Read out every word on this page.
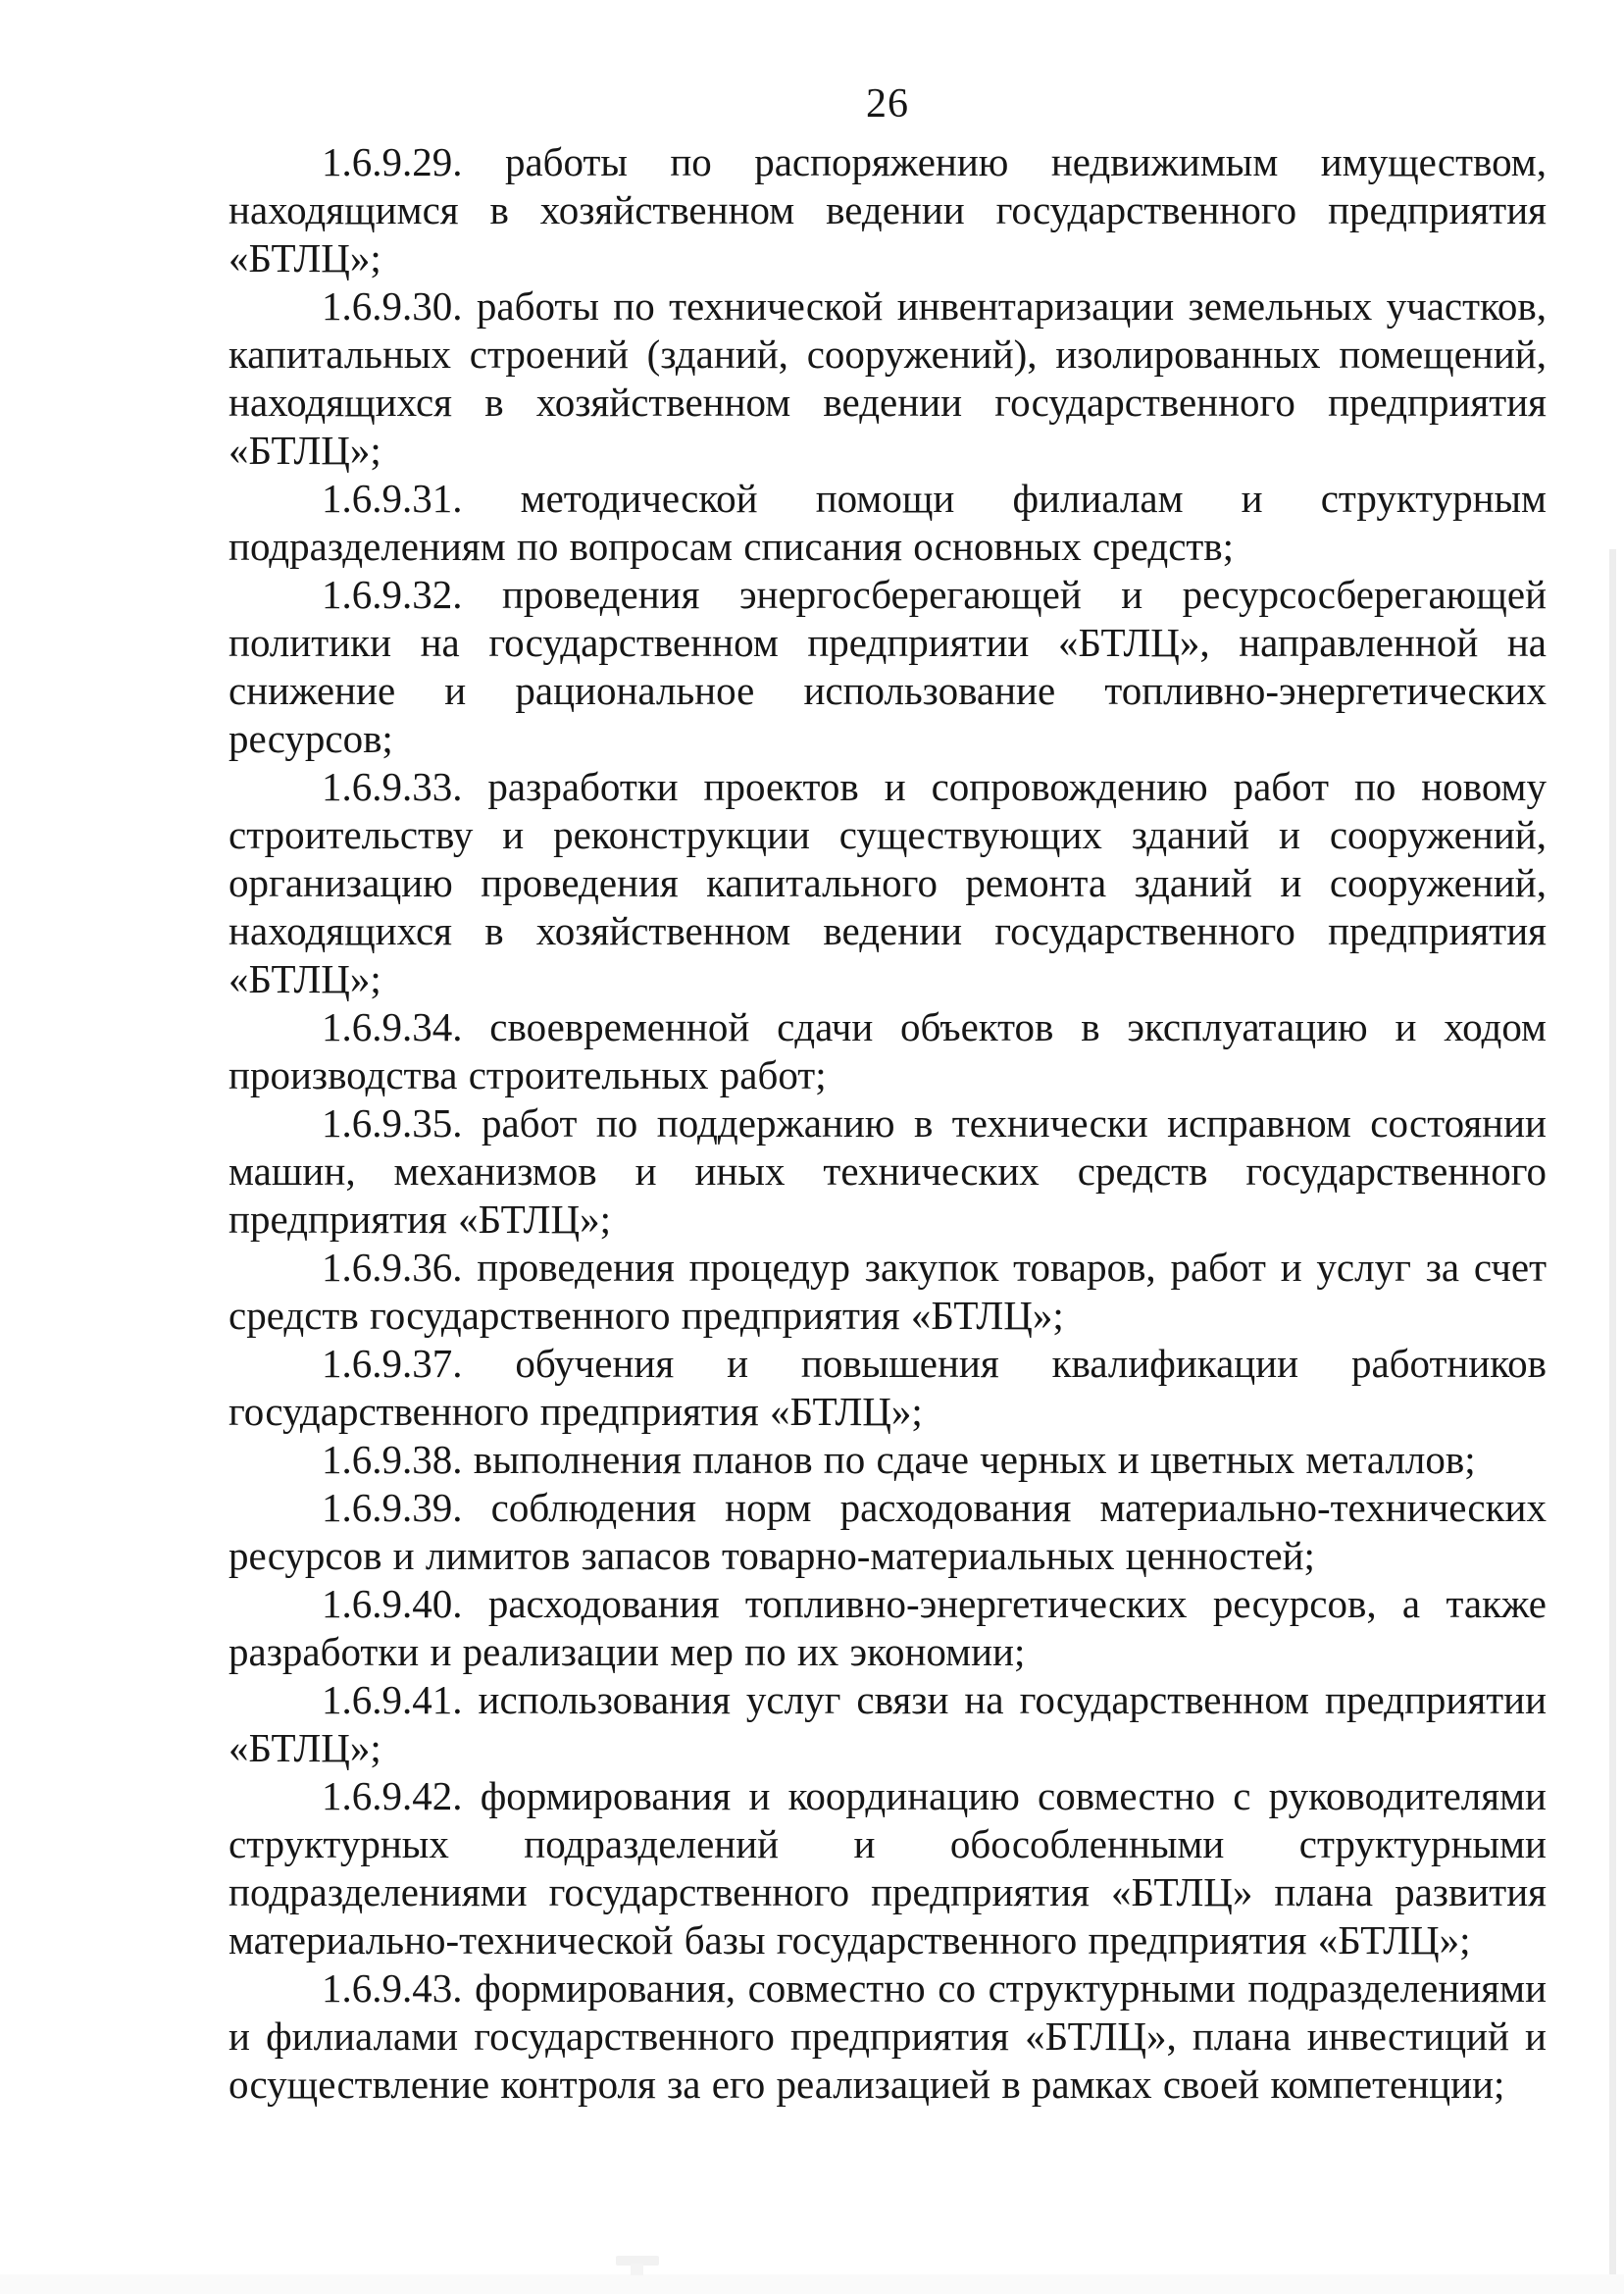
26

1.6.9.29. работы по распоряжению недвижимым имуществом, находящимся в хозяйственном ведении государственного предприятия «БТЛЦ»;

1.6.9.30. работы по технической инвентаризации земельных участков, капитальных строений (зданий, сооружений), изолированных помещений, находящихся в хозяйственном ведении государственного предприятия «БТЛЦ»;

1.6.9.31. методической помощи филиалам и структурным подразделениям по вопросам списания основных средств;

1.6.9.32. проведения энергосберегающей и ресурсосберегающей политики на государственном предприятии «БТЛЦ», направленной на снижение и рациональное использование топливно-энергетических ресурсов;

1.6.9.33. разработки проектов и сопровождению работ по новому строительству и реконструкции существующих зданий и сооружений, организацию проведения капитального ремонта зданий и сооружений, находящихся в хозяйственном ведении государственного предприятия «БТЛЦ»;

1.6.9.34. своевременной сдачи объектов в эксплуатацию и ходом производства строительных работ;

1.6.9.35. работ по поддержанию в технически исправном состоянии машин, механизмов и иных технических средств государственного предприятия «БТЛЦ»;

1.6.9.36. проведения процедур закупок товаров, работ и услуг за счет средств государственного предприятия «БТЛЦ»;

1.6.9.37. обучения и повышения квалификации работников государственного предприятия «БТЛЦ»;

1.6.9.38. выполнения планов по сдаче черных и цветных металлов;

1.6.9.39. соблюдения норм расходования материально-технических ресурсов и лимитов запасов товарно-материальных ценностей;

1.6.9.40. расходования топливно-энергетических ресурсов, а также разработки и реализации мер по их экономии;

1.6.9.41. использования услуг связи на государственном предприятии «БТЛЦ»;

1.6.9.42. формирования и координацию совместно с руководителями структурных подразделений и обособленными структурными подразделениями государственного предприятия «БТЛЦ» плана развития материально-технической базы государственного предприятия «БТЛЦ»;

1.6.9.43. формирования, совместно со структурными подразделениями и филиалами государственного предприятия «БТЛЦ», плана инвестиций и осуществление контроля за его реализацией в рамках своей компетенции;
